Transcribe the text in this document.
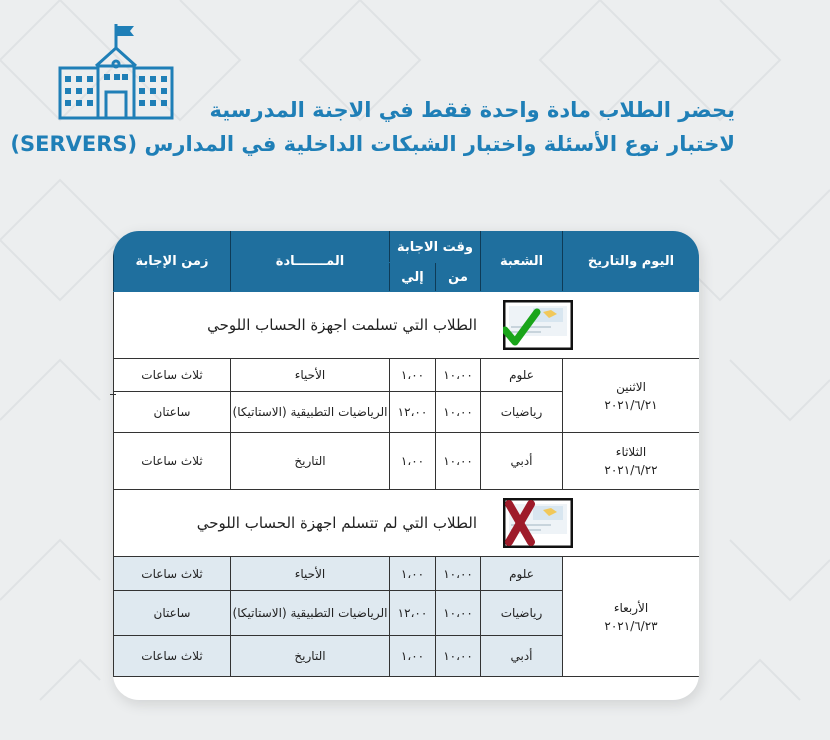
يحضر الطلاب مادة واحدة فقط في الاجنة المدرسية
لاختبار نوع الأسئلة واختبار الشبكات الداخلية في المدارس (SERVERS)
اليوم والتاريخ	الشعبة	وقت الاجابة		المـــــــادة	زمن الإجابة
		من	إلي		

الطلاب التي تسلمت اجهزة الحساب اللوحي					

الاثنين
٢٠٢١/٦/٢١	علوم	١٠،٠٠	١،٠٠	الأحياء	ثلاث ساعات
	رياضيات	١٠،٠٠	١٢،٠٠	الرياضيات التطبيقية (الاستاتيكا)	ساعتان

الثلاثاء
٢٠٢١/٦/٢٢	أدبي	١٠،٠٠	١،٠٠	التاريخ	ثلاث ساعات

الطلاب التي لم تتسلم اجهزة الحساب اللوحي					

الأربعاء
٢٠٢١/٦/٢٣	علوم	١٠،٠٠	١،٠٠	الأحياء	ثلاث ساعات
	رياضيات	١٠،٠٠	١٢،٠٠	الرياضيات التطبيقية (الاستاتيكا)	ساعتان
	أدبي	١٠،٠٠	١،٠٠	التاريخ	ثلاث ساعات
